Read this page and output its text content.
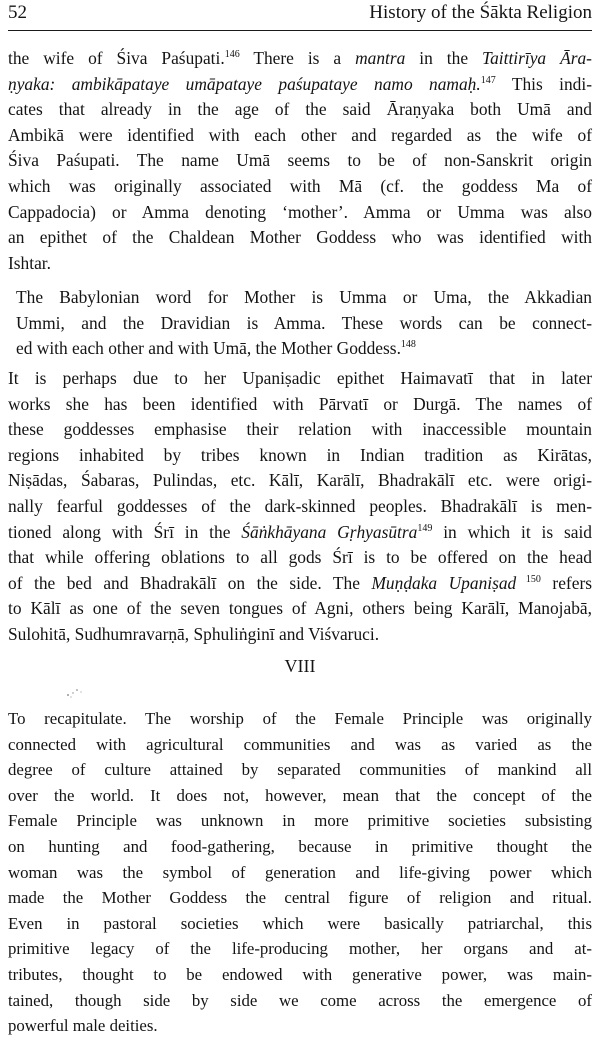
52	History of the Śākta Religion
the wife of Śiva Paśupati.$^{146}$ There is a mantra in the Taittirīya Āra-
ṇyaka: ambikāpataye umāpataye paśupataye namo namaḥ.$^{147}$ This indi-
cates that already in the age of the said Āraṇyaka both Umā and
Ambikā were identified with each other and regarded as the wife of
Śiva Paśupati. The name Umā seems to be of non-Sanskrit origin
which was originally associated with Mā (cf. the goddess Ma of
Cappadocia) or Amma denoting ‘mother’. Amma or Umma was also
an epithet of the Chaldean Mother Goddess who was identified with
Ishtar.
The Babylonian word for Mother is Umma or Uma, the Akkadian
Ummi, and the Dravidian is Amma. These words can be connect-
ed with each other and with Umā, the Mother Goddess.$^{148}$
It is perhaps due to her Upaniṣadic epithet Haimavatī that in later
works she has been identified with Pārvatī or Durgā. The names of
these goddesses emphasise their relation with inaccessible mountain
regions inhabited by tribes known in Indian tradition as Kirātas,
Niṣādas, Śabaras, Pulindas, etc. Kālī, Karālī, Bhadrakālī etc. were origi-
nally fearful goddesses of the dark-skinned peoples. Bhadrakālī is men-
tioned along with Śrī in the Śāṅkhāyana Gṛhyasūtra$^{149}$ in which it is said
that while offering oblations to all gods Śrī is to be offered on the head
of the bed and Bhadrakālī on the side. The Muṇḍaka Upaniṣad $^{150}$ refers
to Kālī as one of the seven tongues of Agni, others being Karālī, Manojabā,
Sulohitā, Sudhumravarṇā, Sphuliṅginī and Viśvaruci.
VIII
To recapitulate. The worship of the Female Principle was originally
connected with agricultural communities and was as varied as the
degree of culture attained by separated communities of mankind all
over the world. It does not, however, mean that the concept of the
Female Principle was unknown in more primitive societies subsisting
on hunting and food-gathering, because in primitive thought the
woman was the symbol of generation and life-giving power which
made the Mother Goddess the central figure of religion and ritual.
Even in pastoral societies which were basically patriarchal, this
primitive legacy of the life-producing mother, her organs and at-
tributes, thought to be endowed with generative power, was main-
tained, though side by side we come across the emergence of
powerful male deities.
